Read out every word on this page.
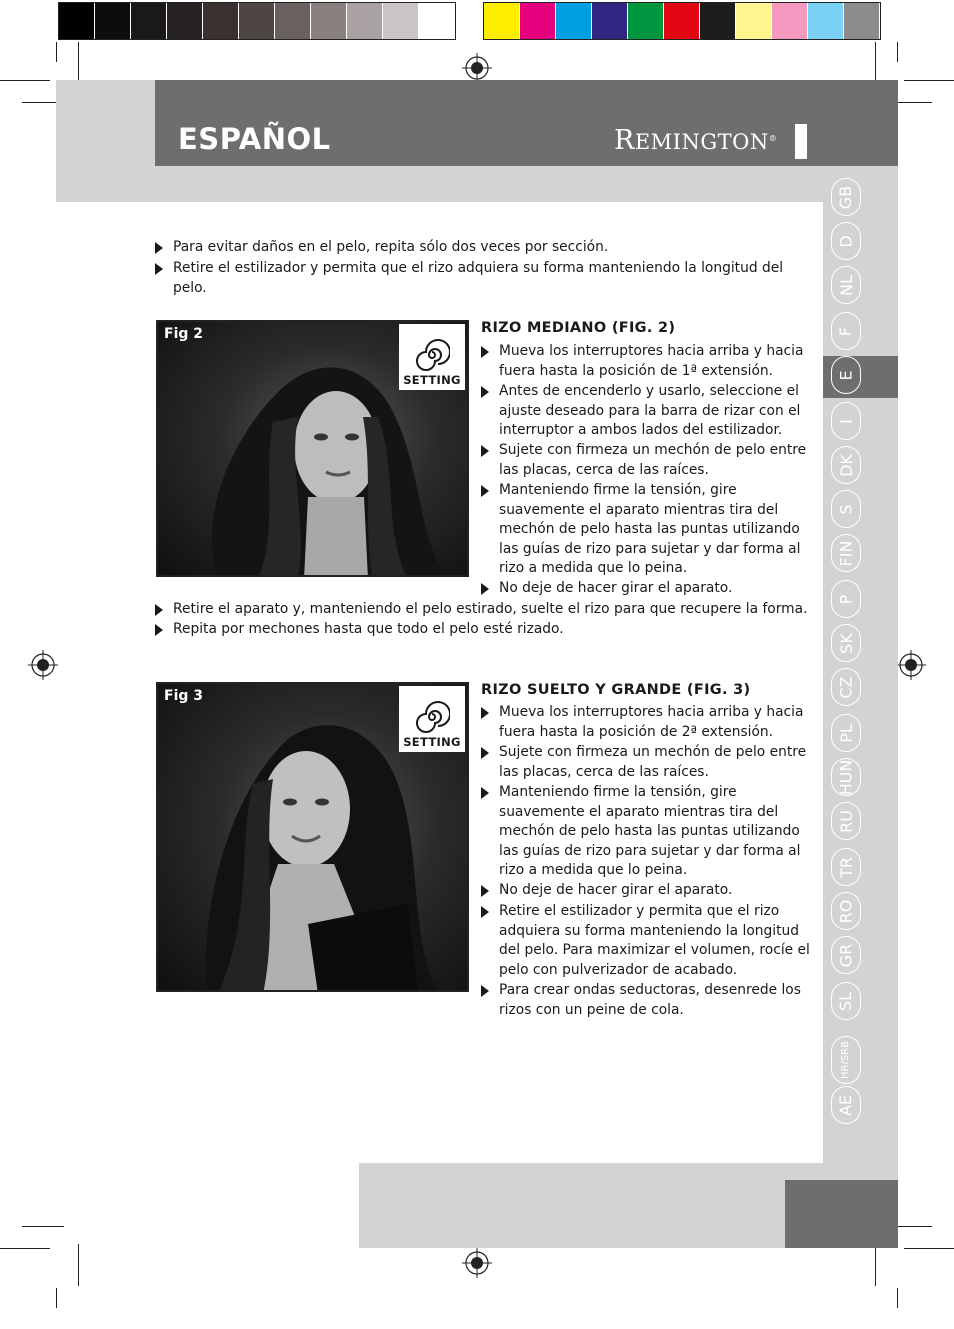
ESPAÑOL	REMINGTON®
GB
D
NL
F
E
I
DK
S
FIN
P
SK
CZ
PL
HUN
RU
TR
RO
GR
SL
HR/SRB
AE
Para evitar daños en el pelo, repita sólo dos veces por sección.
Retire el estilizador y permita que el rizo adquiera su forma manteniendo la longitud del pelo.
Fig 2
SETTING
RIZO MEDIANO (FIG. 2)
Mueva los interruptores hacia arriba y hacia fuera hasta la posición de 1ª extensión.
Antes de encenderlo y usarlo, seleccione el ajuste deseado para la barra de rizar con el interruptor a ambos lados del estilizador.
Sujete con firmeza un mechón de pelo entre las placas, cerca de las raíces.
Manteniendo firme la tensión, gire suavemente el aparato mientras tira del mechón de pelo hasta las puntas utilizando las guías de rizo para sujetar y dar forma al rizo a medida que lo peina.
No deje de hacer girar el aparato.
Retire el aparato y, manteniendo el pelo estirado, suelte el rizo para que recupere la forma.
Repita por mechones hasta que todo el pelo esté rizado.
Fig 3
SETTING
RIZO SUELTO Y GRANDE (FIG. 3)
Mueva los interruptores hacia arriba y hacia fuera hasta la posición de 2ª extensión.
Sujete con firmeza un mechón de pelo entre las placas, cerca de las raíces.
Manteniendo firme la tensión, gire suavemente el aparato mientras tira del mechón de pelo hasta las puntas utilizando las guías de rizo para sujetar y dar forma al rizo a medida que lo peina.
No deje de hacer girar el aparato.
Retire el estilizador y permita que el rizo adquiera su forma manteniendo la longitud del pelo. Para maximizar el volumen, rocíe el pelo con pulverizador de acabado.
Para crear ondas seductoras, desenrede los rizos con un peine de cola.
